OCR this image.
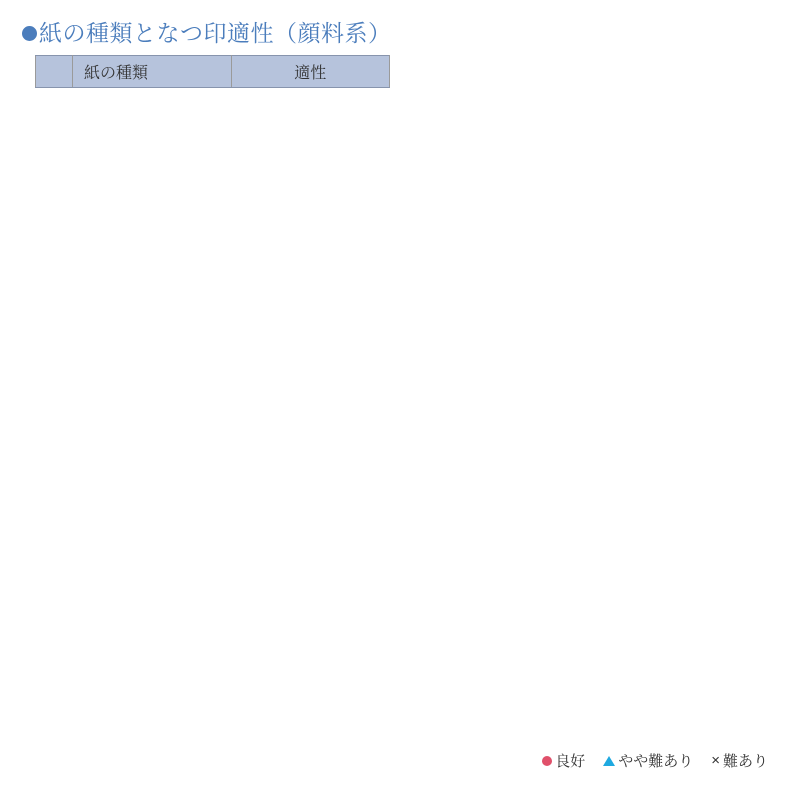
紙の種類となつ印適性（顔料系）
	紙の種類	適性
良好 やや難あり × 難あり
